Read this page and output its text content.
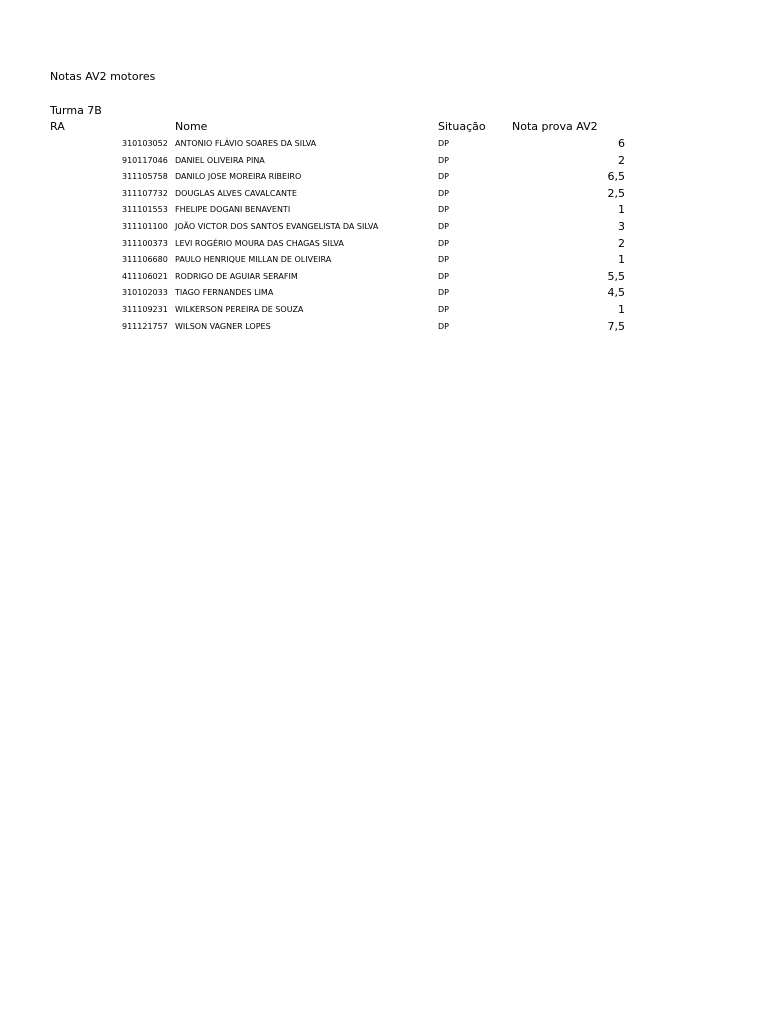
Notas AV2 motores
Turma 7B
RA	Nome	Situação Nota prova AV2
310103052 ANTONIO FLÁVIO SOARES DA SILVA	DP	6
910117046 DANIEL OLIVEIRA PINA	DP	2
311105758 DANILO JOSE MOREIRA RIBEIRO	DP	6,5
311107732 DOUGLAS ALVES CAVALCANTE	DP	2,5
311101553 FHELIPE DOGANI BENAVENTI	DP	1
311101100 JOÃO VICTOR DOS SANTOS EVANGELISTA DA SILVA	DP	3
311100373 LEVI ROGÉRIO MOURA DAS CHAGAS SILVA	DP	2
311106680 PAULO HENRIQUE MILLAN DE OLIVEIRA	DP	1
411106021 RODRIGO DE AGUIAR SERAFIM	DP	5,5
310102033 TIAGO FERNANDES LIMA	DP	4,5
311109231 WILKERSON PEREIRA DE SOUZA	DP	1
911121757 WILSON VAGNER LOPES	DP	7,5
